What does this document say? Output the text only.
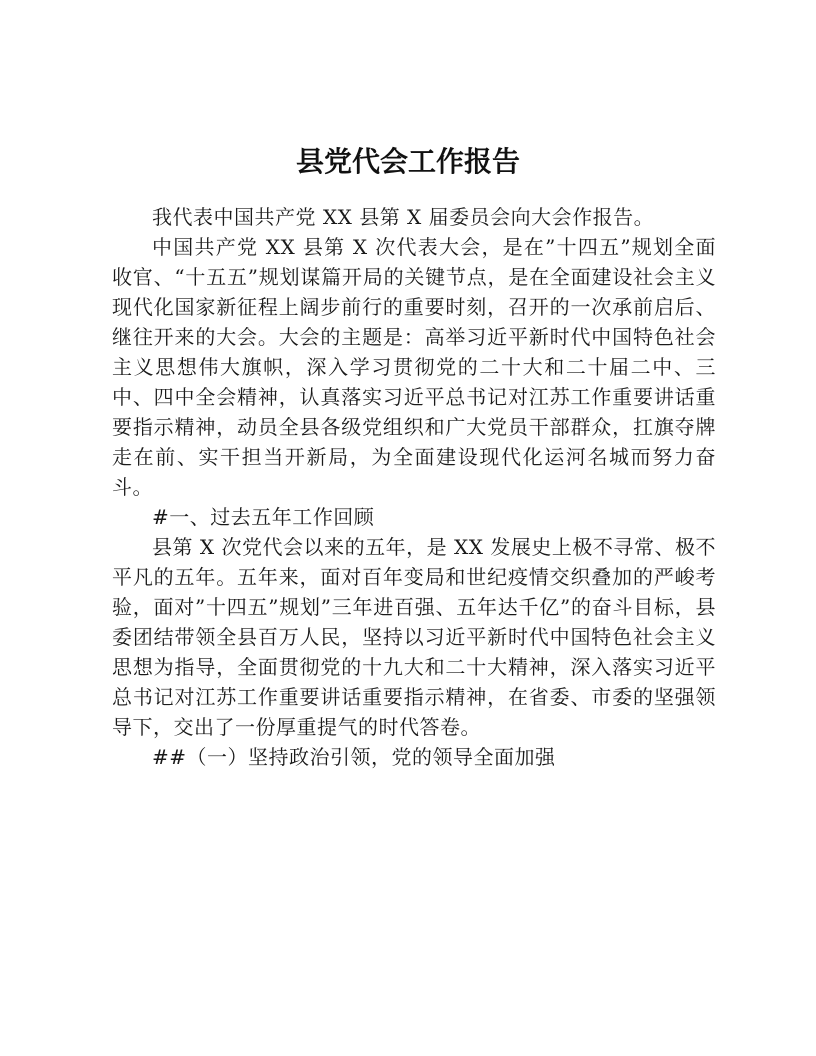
县党代会工作报告

我代表中国共产党 XX 县第 X 届委员会向大会作报告。

中国共产党 XX 县第 X 次代表大会，是在”十四五”规划全面收官、“十五五”规划谋篇开局的关键节点，是在全面建设社会主义现代化国家新征程上阔步前行的重要时刻，召开的一次承前启后、继往开来的大会。大会的主题是：高举习近平新时代中国特色社会主义思想伟大旗帜，深入学习贯彻党的二十大和二十届二中、三中、四中全会精神，认真落实习近平总书记对江苏工作重要讲话重要指示精神，动员全县各级党组织和广大党员干部群众，扛旗夺牌走在前、实干担当开新局，为全面建设现代化运河名城而努力奋斗。

#一、过去五年工作回顾

县第 X 次党代会以来的五年，是 XX 发展史上极不寻常、极不平凡的五年。五年来，面对百年变局和世纪疫情交织叠加的严峻考验，面对”十四五”规划”三年进百强、五年达千亿”的奋斗目标，县委团结带领全县百万人民，坚持以习近平新时代中国特色社会主义思想为指导，全面贯彻党的十九大和二十大精神，深入落实习近平总书记对江苏工作重要讲话重要指示精神，在省委、市委的坚强领导下，交出了一份厚重提气的时代答卷。

##（一）坚持政治引领，党的领导全面加强
